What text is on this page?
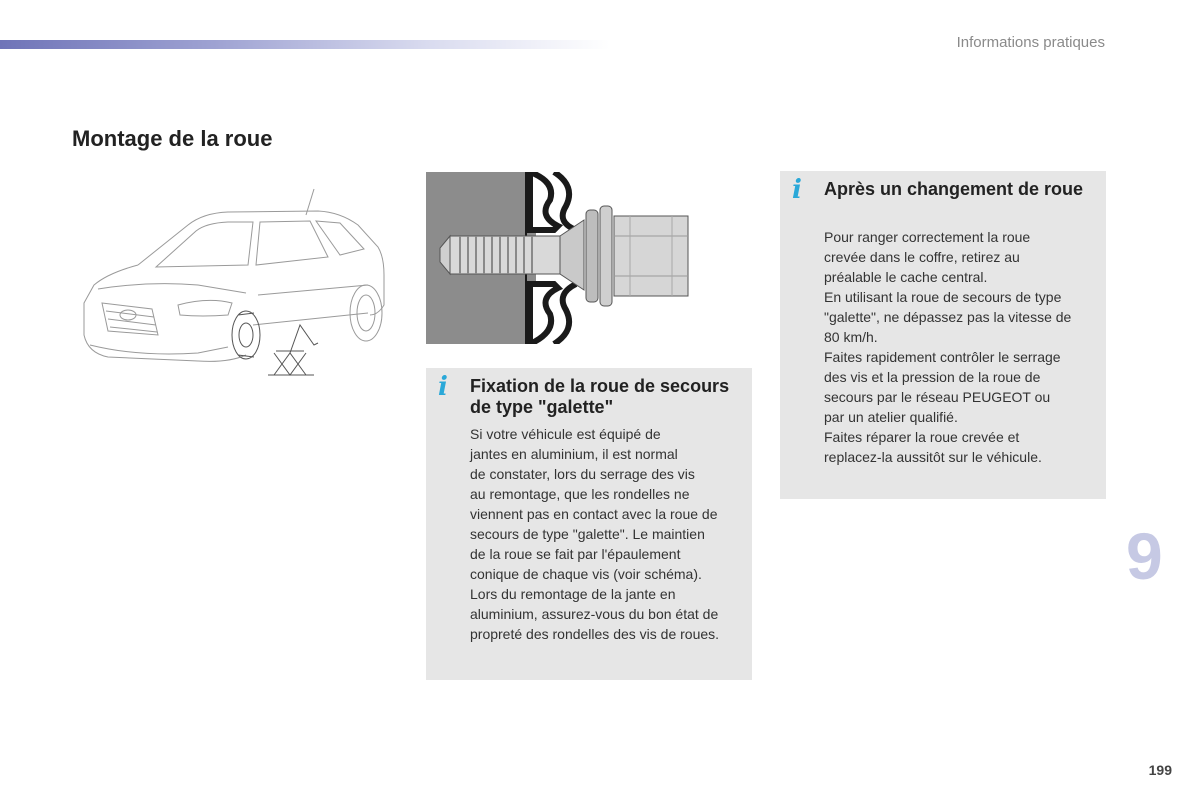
Informations pratiques
Montage de la roue
i Fixation de la roue de secours de type "galette"

Si votre véhicule est équipé de
jantes en aluminium, il est normal
de constater, lors du serrage des vis
au remontage, que les rondelles ne
viennent pas en contact avec la roue de
secours de type "galette". Le maintien
de la roue se fait par l'épaulement
conique de chaque vis (voir schéma).
Lors du remontage de la jante en
aluminium, assurez-vous du bon état de
propreté des rondelles des vis de roues.

i Après un changement de roue

Pour ranger correctement la roue
crevée dans le coffre, retirez au
préalable le cache central.
En utilisant la roue de secours de type
"galette", ne dépassez pas la vitesse de
80 km/h.
Faites rapidement contrôler le serrage
des vis et la pression de la roue de
secours par le réseau PEUGEOT ou
par un atelier qualifié.
Faites réparer la roue crevée et
replacez-la aussitôt sur le véhicule.

9
199
